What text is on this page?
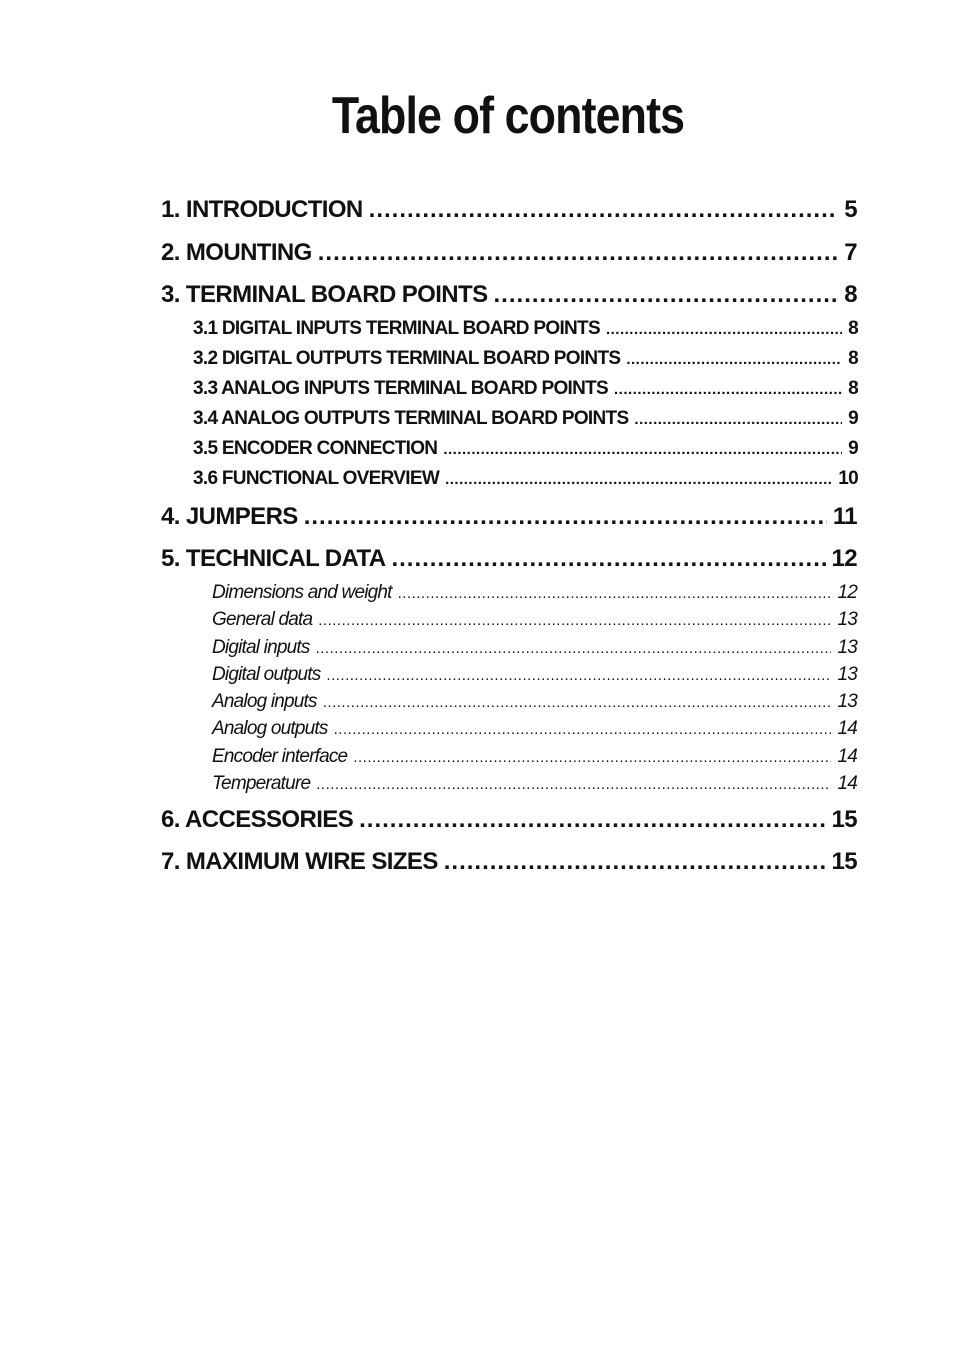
Table of contents
1. INTRODUCTION .....	5
2. MOUNTING .....	7
3. TERMINAL BOARD POINTS .....	8
3.1 DIGITAL INPUTS TERMINAL BOARD POINTS .....	8
3.2 DIGITAL OUTPUTS TERMINAL BOARD POINTS .....	8
3.3 ANALOG INPUTS TERMINAL BOARD POINTS .....	8
3.4 ANALOG OUTPUTS TERMINAL BOARD POINTS .....	9
3.5 ENCODER CONNECTION .....	9
3.6 FUNCTIONAL OVERVIEW .....	10
4. JUMPERS .....	11
5. TECHNICAL DATA .....	12
Dimensions and weight .....	12
General data .....	13
Digital inputs .....	13
Digital outputs .....	13
Analog inputs .....	13
Analog outputs .....	14
Encoder interface .....	14
Temperature .....	14
6. ACCESSORIES .....	15
7. MAXIMUM WIRE SIZES .....	15
